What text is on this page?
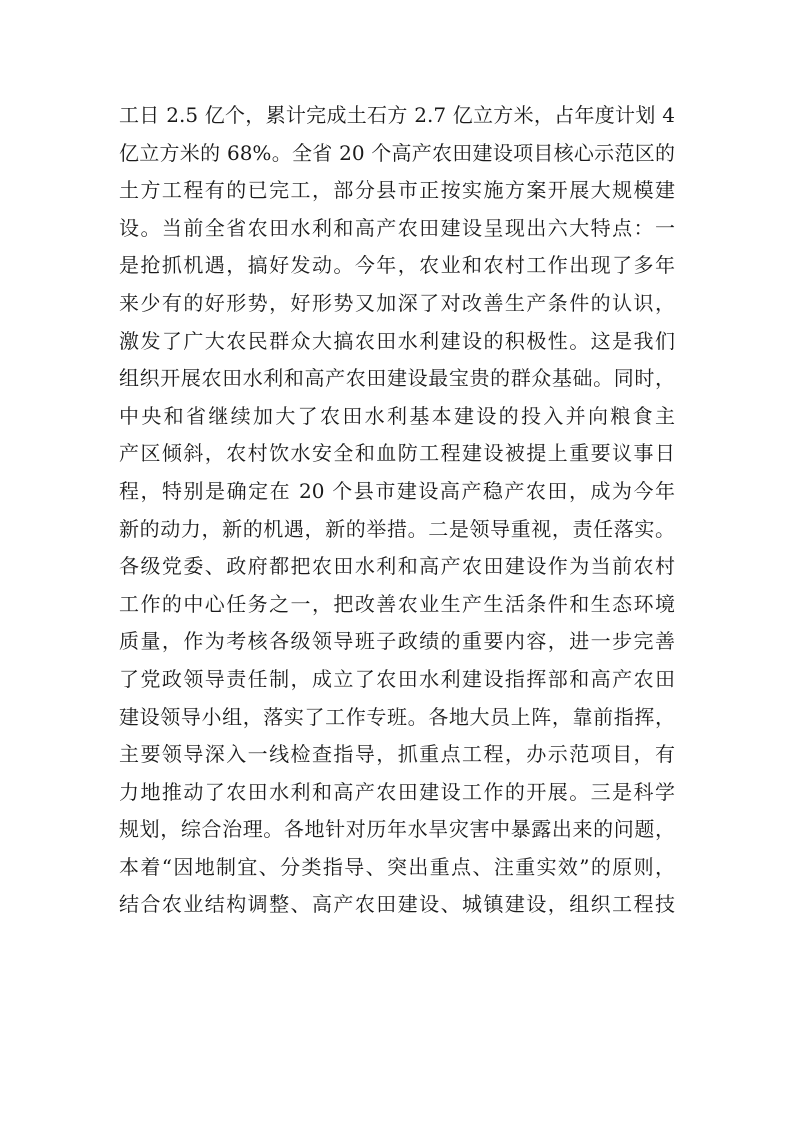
工日 2.5 亿个，累计完成土石方 2.7 亿立方米，占年度计划 4
亿立方米的 68%。全省 20 个高产农田建设项目核心示范区的
土方工程有的已完工，部分县市正按实施方案开展大规模建
设。当前全省农田水利和高产农田建设呈现出六大特点：一
是抢抓机遇，搞好发动。今年，农业和农村工作出现了多年
来少有的好形势，好形势又加深了对改善生产条件的认识，
激发了广大农民群众大搞农田水利建设的积极性。这是我们
组织开展农田水利和高产农田建设最宝贵的群众基础。同时，
中央和省继续加大了农田水利基本建设的投入并向粮食主
产区倾斜，农村饮水安全和血防工程建设被提上重要议事日
程，特别是确定在 20 个县市建设高产稳产农田，成为今年
新的动力，新的机遇，新的举措。二是领导重视，责任落实。
各级党委、政府都把农田水利和高产农田建设作为当前农村
工作的中心任务之一，把改善农业生产生活条件和生态环境
质量，作为考核各级领导班子政绩的重要内容，进一步完善
了党政领导责任制，成立了农田水利建设指挥部和高产农田
建设领导小组，落实了工作专班。各地大员上阵，靠前指挥，
主要领导深入一线检查指导，抓重点工程，办示范项目，有
力地推动了农田水利和高产农田建设工作的开展。三是科学
规划，综合治理。各地针对历年水旱灾害中暴露出来的问题，
本着“因地制宜、分类指导、突出重点、注重实效”的原则，
结合农业结构调整、高产农田建设、城镇建设，组织工程技
